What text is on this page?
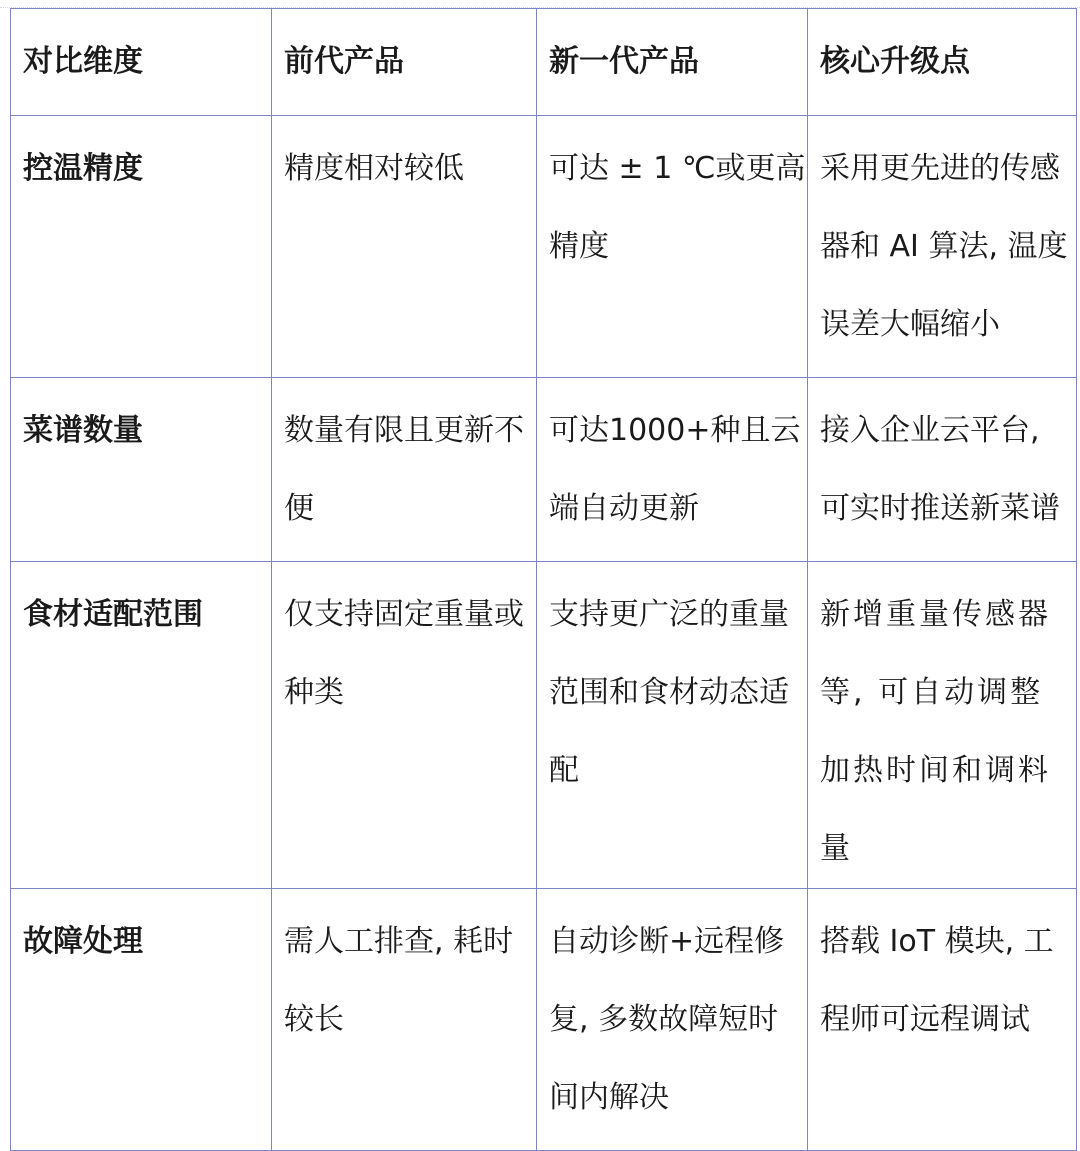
对比维度	前代产品	新一代产品	核心升级点
控温精度	精度相对较低	可达 ± 1 ℃或更高精度	采用更先进的传感器和 AI 算法, 温度误差大幅缩小
菜谱数量	数量有限且更新不便	可达1000+种且云端自动更新	接入企业云平台, 可实时推送新菜谱
食材适配范围	仅支持固定重量或种类	支持更广泛的重量范围和食材动态适配	新增重量传感器等, 可自动调整加热时间和调料量
故障处理	需人工排查, 耗时较长	自动诊断+远程修复, 多数故障短时间内解决	搭载 IoT 模块, 工程师可远程调试
